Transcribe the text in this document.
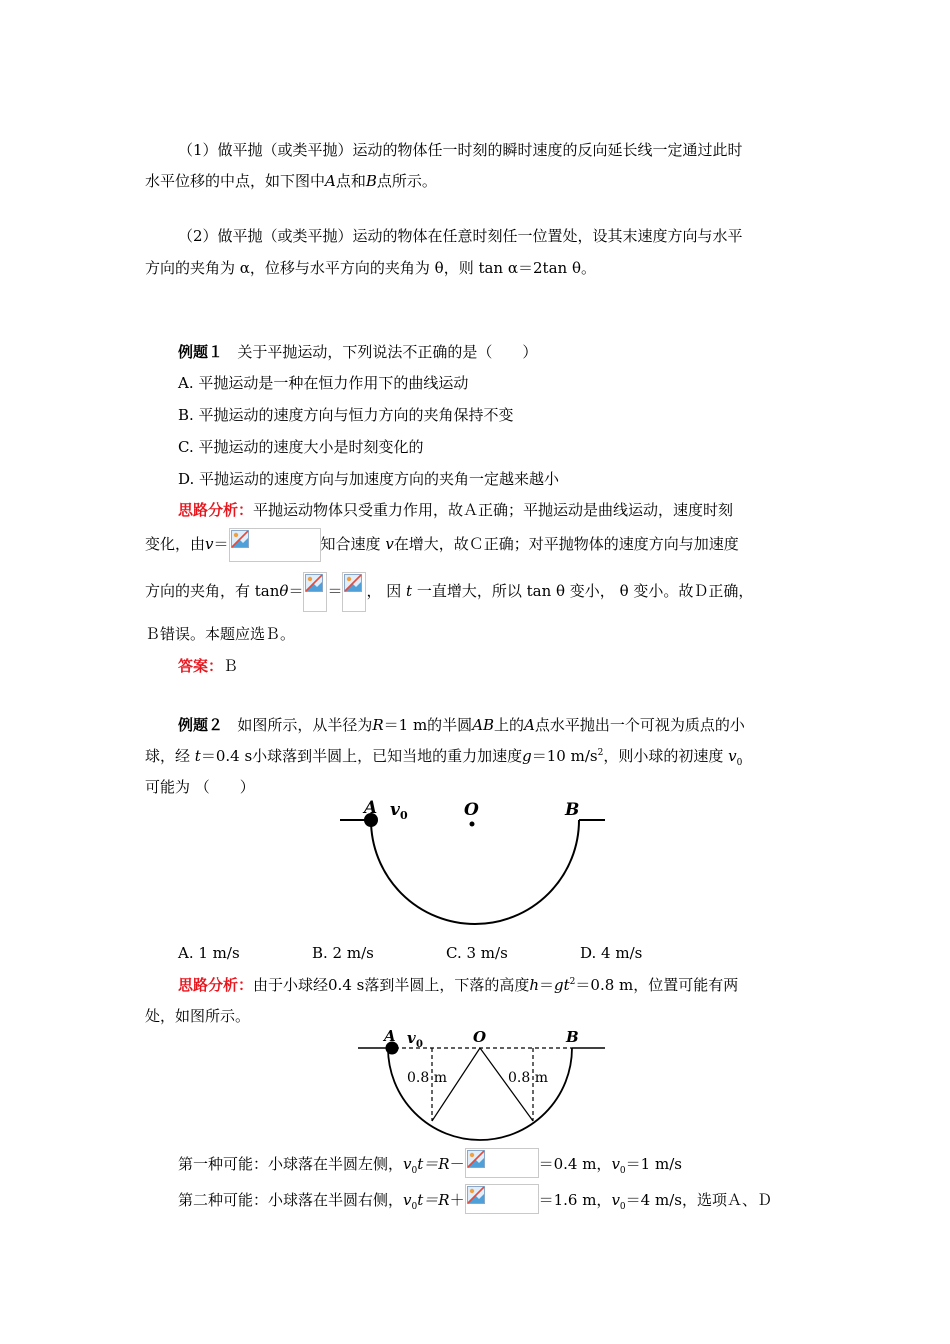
（1）做平抛（或类平抛）运动的物体任一时刻的瞬时速度的反向延长线一定通过此时
水平位移的中点，如下图中A点和B点所示。
（2）做平抛（或类平抛）运动的物体在任意时刻任一位置处，设其末速度方向与水平
方向的夹角为 α，位移与水平方向的夹角为 θ，则 tan α＝2tan θ。
例题１ 关于平抛运动，下列说法不正确的是（　　）
A. 平抛运动是一种在恒力作用下的曲线运动
B. 平抛运动的速度方向与恒力方向的夹角保持不变
C. 平抛运动的速度大小是时刻变化的
D. 平抛运动的速度方向与加速度方向的夹角一定越来越小
思路分析：平抛运动物体只受重力作用，故Ａ正确；平抛运动是曲线运动，速度时刻
变化，由v＝	知合速度 v在增大，故Ｃ正确；对平抛物体的速度方向与加速度
方向的夹角，有 tanθ＝ ＝ ， 因 t 一直增大，所以 tan θ 变小， θ 变小。故Ｄ正确，
Ｂ错误。本题应选Ｂ。
答案：Ｂ
例题２ 如图所示，从半径为R＝1 m的半圆AB上的A点水平抛出一个可视为质点的小
球，经 t＝0.4 s小球落到半圆上，已知当地的重力加速度g＝10 $m/s^2$，则小球的初速度 $v_0$
可能为 （　　）
A v 0	O	B
A. 1 m/s	B. 2 m/s	C. 3 m/s	D. 4 m/s
思路分析：由于小球经0.4 s落到半圆上，下落的高度$h=gt^2=0.8$ m，位置可能有两
处，如图所示。
A v 0	O	B
0.8 m	0.8 m
第一种可能：小球落在半圆左侧，$v_0t=R-$	＝0.4 m，$v_0=1$ m/s
第二种可能：小球落在半圆右侧，$v_0t=R+$	＝1.6 m，$v_0=4$ m/s，选项Ａ、Ｄ
